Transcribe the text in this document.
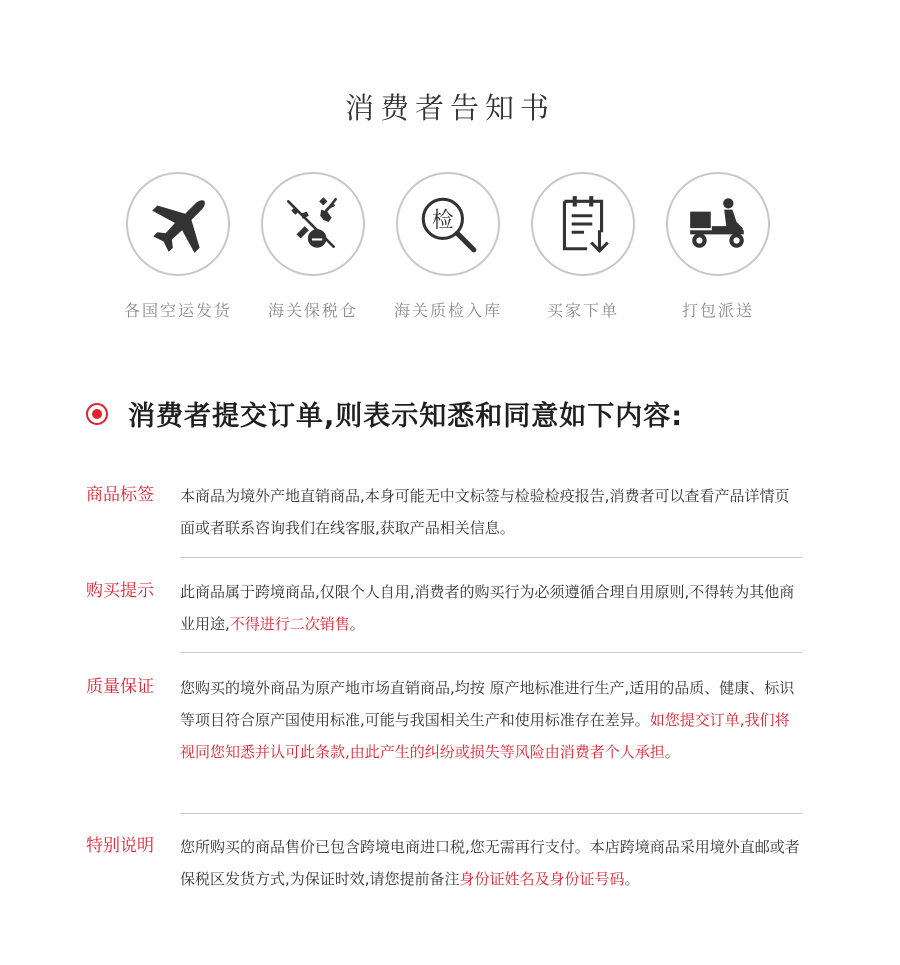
消费者告知书
各国空运发货	海关保税仓
检
海关质检入库	买家下单	打包派送
消费者提交订单,则表示知悉和同意如下内容:
商品标签 本商品为境外产地直销商品,本身可能无中文标签与检验检疫报告,消费者可以查看产品详情页面或者联系咨询我们在线客服,获取产品相关信息。
购买提示 此商品属于跨境商品,仅限个人自用,消费者的购买行为必须遵循合理自用原则,不得转为其他商业用途,不得进行二次销售。
质量保证 您购买的境外商品为原产地市场直销商品,均按 原产地标准进行生产,适用的品质、健康、标识等项目符合原产国使用标准,可能与我国相关生产和使用标准存在差异。如您提交订单,我们将视同您知悉并认可此条款,由此产生的纠纷或损失等风险由消费者个人承担。
特别说明 您所购买的商品售价已包含跨境电商进口税,您无需再行支付。本店跨境商品采用境外直邮或者保税区发货方式,为保证时效,请您提前备注身份证姓名及身份证号码。
